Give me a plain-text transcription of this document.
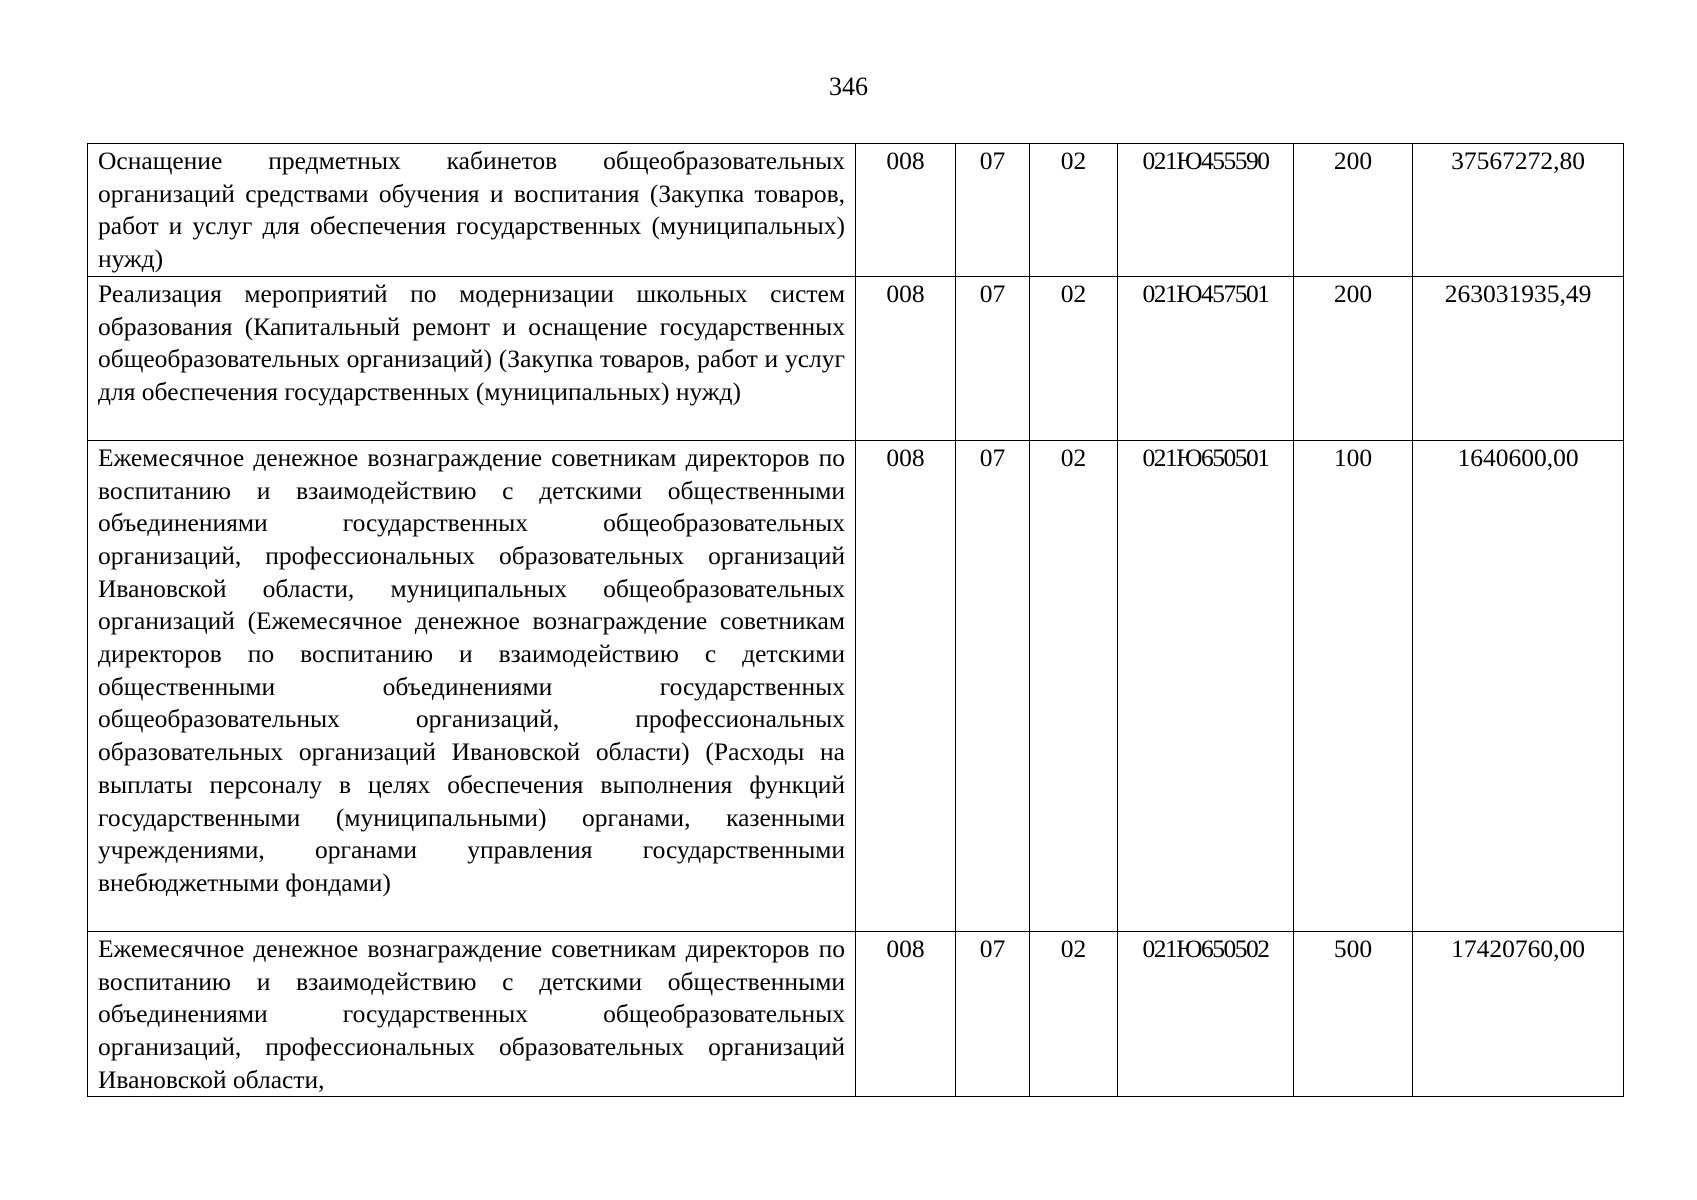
346
Оснащение предметных кабинетов общеобразовательных организаций средствами обучения и воспитания (Закупка товаров, работ и услуг для обеспечения государственных (муниципальных) нужд)	008	07	02	021Ю455590	200	37567272,80
Реализация мероприятий по модернизации школьных систем образования (Капитальный ремонт и оснащение государственных общеобразовательных организаций) (Закупка товаров, работ и услуг для обеспечения государственных (муниципальных) нужд)	008	07	02	021Ю457501	200	263031935,49
Ежемесячное денежное вознаграждение советникам директоров по воспитанию и взаимодействию с детскими общественными объединениями государственных общеобразовательных организаций, профессиональных образовательных организаций Ивановской области, муниципальных общеобразовательных организаций (Ежемесячное денежное вознаграждение советникам директоров по воспитанию и взаимодействию с детскими общественными объединениями государственных общеобразовательных организаций, профессиональных образовательных организаций Ивановской области) (Расходы на выплаты персоналу в целях обеспечения выполнения функций государственными (муниципальными) органами, казенными учреждениями, органами управления государственными внебюджетными фондами)	008	07	02	021Ю650501	100	1640600,00
Ежемесячное денежное вознаграждение советникам директоров по воспитанию и взаимодействию с детскими общественными объединениями государственных общеобразовательных организаций, профессиональных образовательных организаций Ивановской области,	008	07	02	021Ю650502	500	17420760,00
